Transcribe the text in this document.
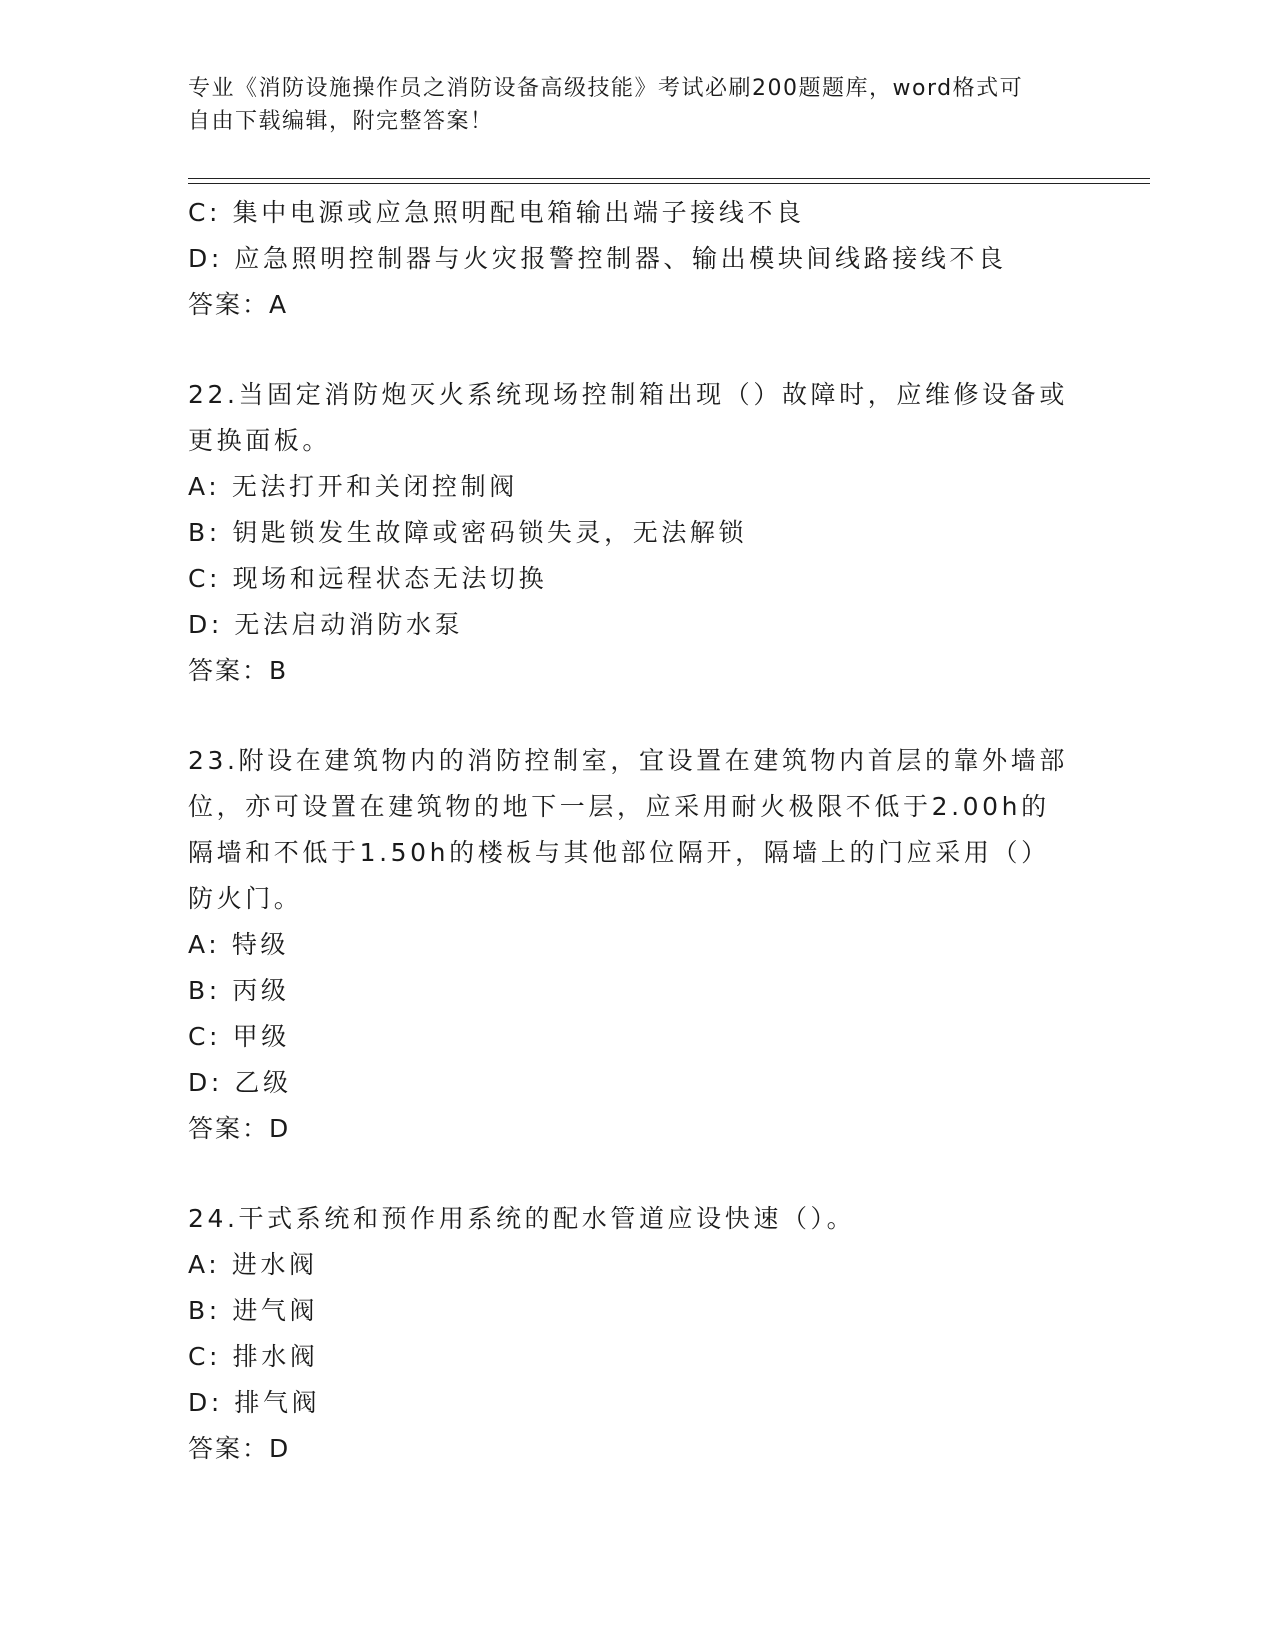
专业《消防设施操作员之消防设备高级技能》考试必刷200题题库，word格式可
自由下载编辑，附完整答案！
C: 集中电源或应急照明配电箱输出端子接线不良
D: 应急照明控制器与火灾报警控制器、输出模块间线路接线不良
答案：A
22.当固定消防炮灭火系统现场控制箱出现（）故障时，应维修设备或
更换面板。
A: 无法打开和关闭控制阀
B: 钥匙锁发生故障或密码锁失灵，无法解锁
C: 现场和远程状态无法切换
D: 无法启动消防水泵
答案：B
23.附设在建筑物内的消防控制室，宜设置在建筑物内首层的靠外墙部
位，亦可设置在建筑物的地下一层，应采用耐火极限不低于2.00h的
隔墙和不低于1.50h的楼板与其他部位隔开，隔墙上的门应采用（）
防火门。
A: 特级
B: 丙级
C: 甲级
D: 乙级
答案：D
24.干式系统和预作用系统的配水管道应设快速（）。
A: 进水阀
B: 进气阀
C: 排水阀
D: 排气阀
答案：D
